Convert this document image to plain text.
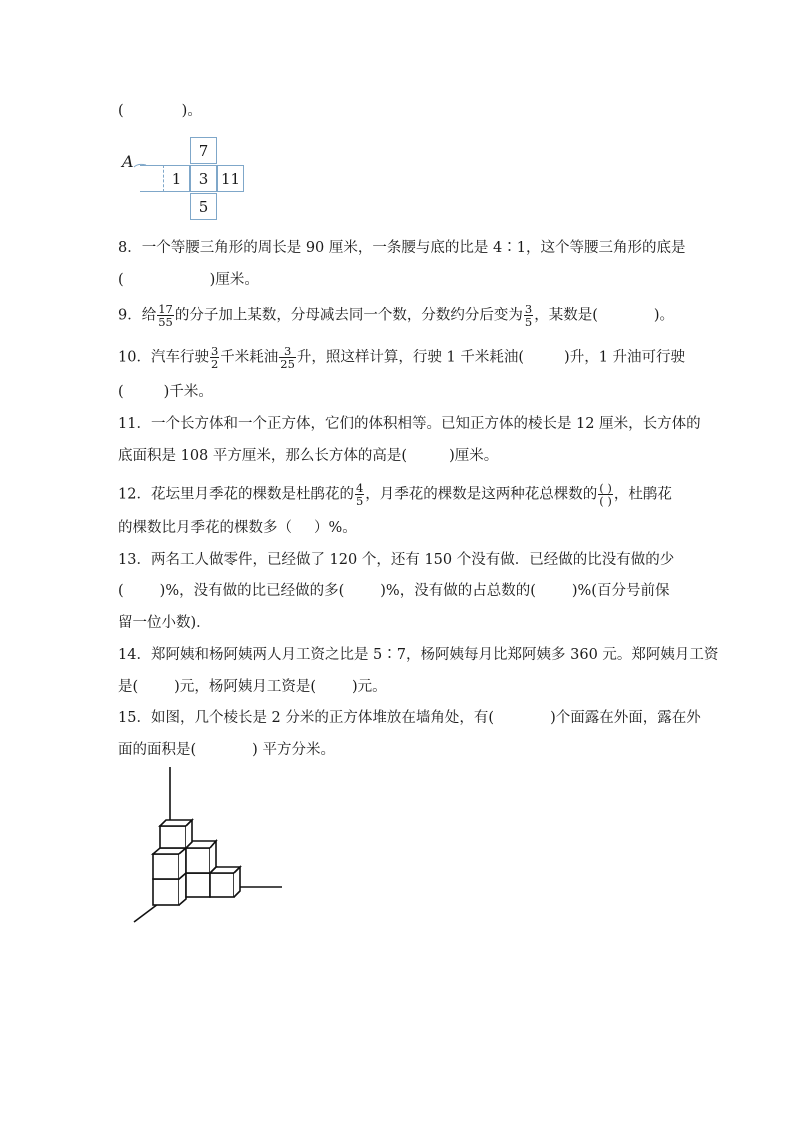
(	)。
A
7
1	3 11
5
8．一个等腰三角形的周长是 90 厘米，一条腰与底的比是 4∶1，这个等腰三角形的底是
(	)厘米。
9．给 $\frac{17}{55}$ 的分子加上某数，分母减去同一个数，分数约分后变为 $\frac{3}{5}$ ，某数是(	)。
10．汽车行驶 $\frac{3}{2}$ 千米耗油 $\frac{3}{25}$ 升，照这样计算，行驶 1 千米耗油(	)升，1 升油可行驶
(	)千米。
11．一个长方体和一个正方体，它们的体积相等。已知正方体的棱长是 12 厘米，长方体的
底面积是 108 平方厘米，那么长方体的高是(	)厘米。
12．花坛里月季花的棵数是杜鹃花的 $\frac{4}{5}$ ，月季花的棵数是这两种花总棵数的 $\frac{( )}{( )}$ ，杜鹃花
的棵数比月季花的棵数多（ ）%。
13．两名工人做零件，已经做了 120 个，还有 150 个没有做．已经做的比没有做的少
( )%，没有做的比已经做的多( )%，没有做的占总数的( )%(百分号前保
留一位小数)．
14．郑阿姨和杨阿姨两人月工资之比是 5∶7，杨阿姨每月比郑阿姨多 360 元。郑阿姨月工资
是( )元，杨阿姨月工资是( )元。
15．如图，几个棱长是 2 分米的正方体堆放在墙角处，有(	)个面露在外面，露在外
面的面积是(	) 平方分米。
